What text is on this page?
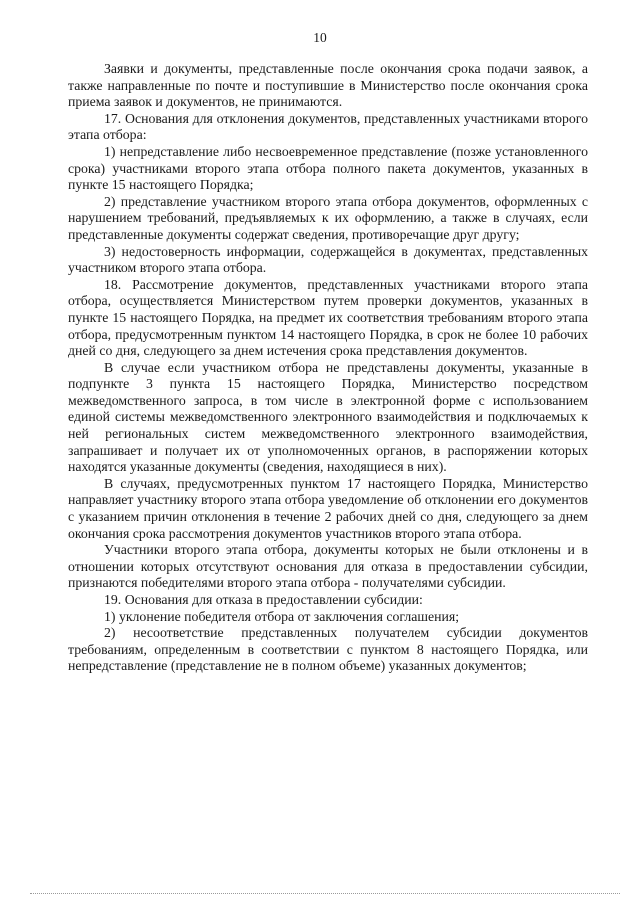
10

Заявки и документы, представленные после окончания срока подачи заявок, а также направленные по почте и поступившие в Министерство после окончания срока приема заявок и документов, не принимаются.

17. Основания для отклонения документов, представленных участниками второго этапа отбора:

1) непредставление либо несвоевременное представление (позже установленного срока) участниками второго этапа отбора полного пакета документов, указанных в пункте 15 настоящего Порядка;

2) представление участником второго этапа отбора документов, оформленных с нарушением требований, предъявляемых к их оформлению, а также в случаях, если представленные документы содержат сведения, противоречащие друг другу;

3) недостоверность информации, содержащейся в документах, представленных участником второго этапа отбора.

18. Рассмотрение документов, представленных участниками второго этапа отбора, осуществляется Министерством путем проверки документов, указанных в пункте 15 настоящего Порядка, на предмет их соответствия требованиям второго этапа отбора, предусмотренным пунктом 14 настоящего Порядка, в срок не более 10 рабочих дней со дня, следующего за днем истечения срока представления документов.

В случае если участником отбора не представлены документы, указанные в подпункте 3 пункта 15 настоящего Порядка, Министерство посредством межведомственного запроса, в том числе в электронной форме с использованием единой системы межведомственного электронного взаимодействия и подключаемых к ней региональных систем межведомственного электронного взаимодействия, запрашивает и получает их от уполномоченных органов, в распоряжении которых находятся указанные документы (сведения, находящиеся в них).

В случаях, предусмотренных пунктом 17 настоящего Порядка, Министерство направляет участнику второго этапа отбора уведомление об отклонении его документов с указанием причин отклонения в течение 2 рабочих дней со дня, следующего за днем окончания срока рассмотрения документов участников второго этапа отбора.

Участники второго этапа отбора, документы которых не были отклонены и в отношении которых отсутствуют основания для отказа в предоставлении субсидии, признаются победителями второго этапа отбора - получателями субсидии.

19. Основания для отказа в предоставлении субсидии:

1) уклонение победителя отбора от заключения соглашения;

2) несоответствие представленных получателем субсидии документов требованиям, определенным в соответствии с пунктом 8 настоящего Порядка, или непредставление (представление не в полном объеме) указанных документов;
